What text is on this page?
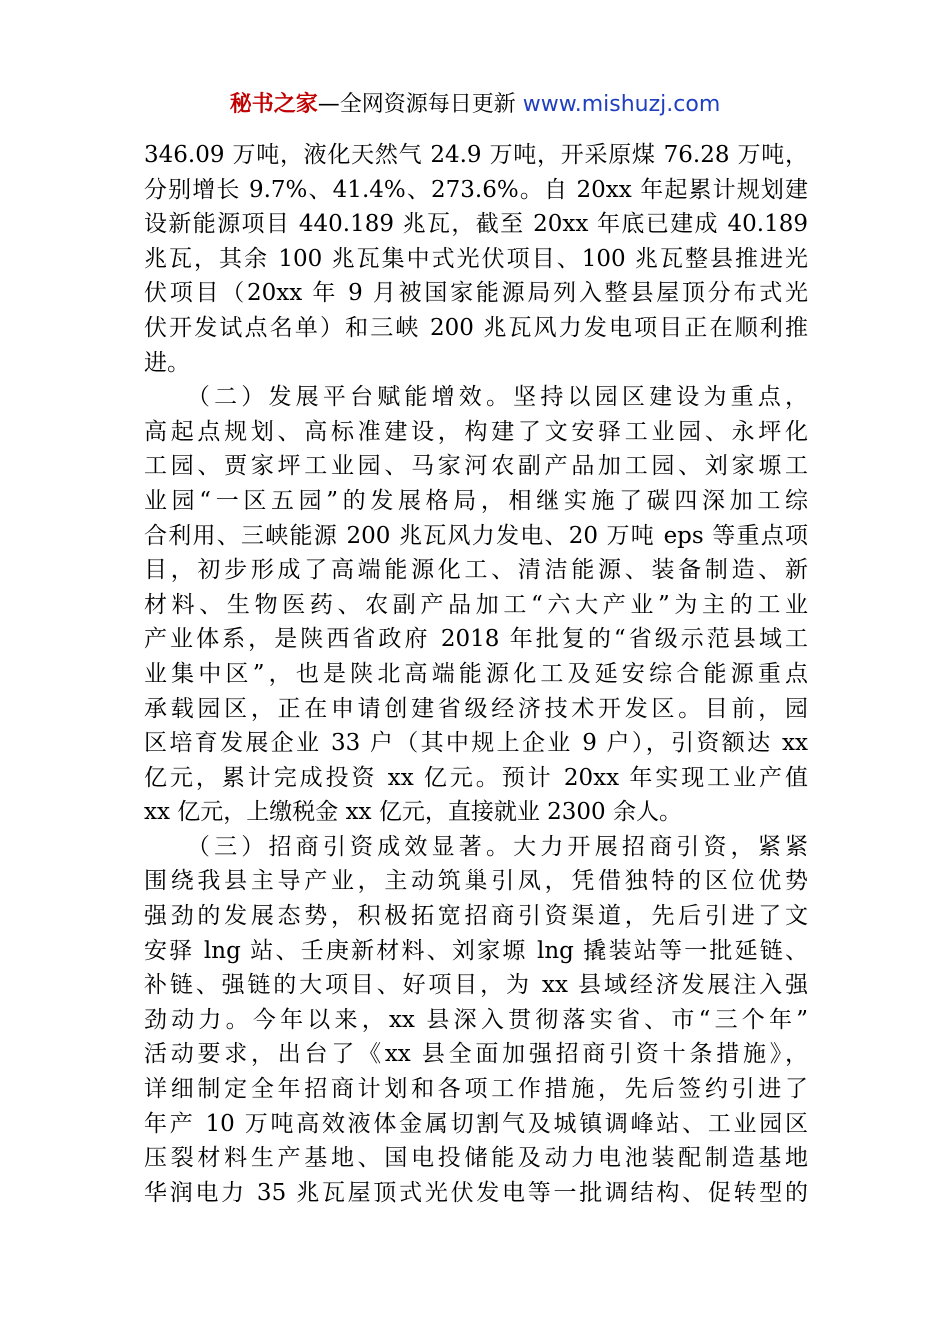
秘书之家—全网资源每日更新 www.mishuzj.com
346.09 万吨，液化天然气 24.9 万吨，开采原煤 76.28 万吨，
分别增长 9.7%、41.4%、273.6%。自 20xx 年起累计规划建
设新能源项目 440.189 兆瓦，截至 20xx 年底已建成 40.189
兆瓦，其余 100 兆瓦集中式光伏项目、100 兆瓦整县推进光
伏项目（20xx 年 9 月被国家能源局列入整县屋顶分布式光
伏开发试点名单）和三峡 200 兆瓦风力发电项目正在顺利推
进。
　　（二）发展平台赋能增效。坚持以园区建设为重点，
高起点规划、高标准建设，构建了文安驿工业园、永坪化
工园、贾家坪工业园、马家河农副产品加工园、刘家塬工
业园“一区五园”的发展格局，相继实施了碳四深加工综
合利用、三峡能源 200 兆瓦风力发电、20 万吨 eps 等重点项
目，初步形成了高端能源化工、清洁能源、装备制造、新
材料、生物医药、农副产品加工“六大产业”为主的工业
产业体系，是陕西省政府 2018 年批复的“省级示范县域工
业集中区”，也是陕北高端能源化工及延安综合能源重点
承载园区，正在申请创建省级经济技术开发区。目前，园
区培育发展企业 33 户（其中规上企业 9 户），引资额达 xx
亿元，累计完成投资 xx 亿元。预计 20xx 年实现工业产值
xx 亿元，上缴税金 xx 亿元，直接就业 2300 余人。
　　（三）招商引资成效显著。大力开展招商引资，紧紧
围绕我县主导产业，主动筑巢引凤，凭借独特的区位优势
强劲的发展态势，积极拓宽招商引资渠道，先后引进了文
安驿 lng 站、壬庚新材料、刘家塬 lng 撬装站等一批延链、
补链、强链的大项目、好项目，为 xx 县域经济发展注入强
劲动力。今年以来，xx 县深入贯彻落实省、市“三个年”
活动要求，出台了《xx 县全面加强招商引资十条措施》，
详细制定全年招商计划和各项工作措施，先后签约引进了
年产 10 万吨高效液体金属切割气及城镇调峰站、工业园区
压裂材料生产基地、国电投储能及动力电池装配制造基地
华润电力 35 兆瓦屋顶式光伏发电等一批调结构、促转型的
